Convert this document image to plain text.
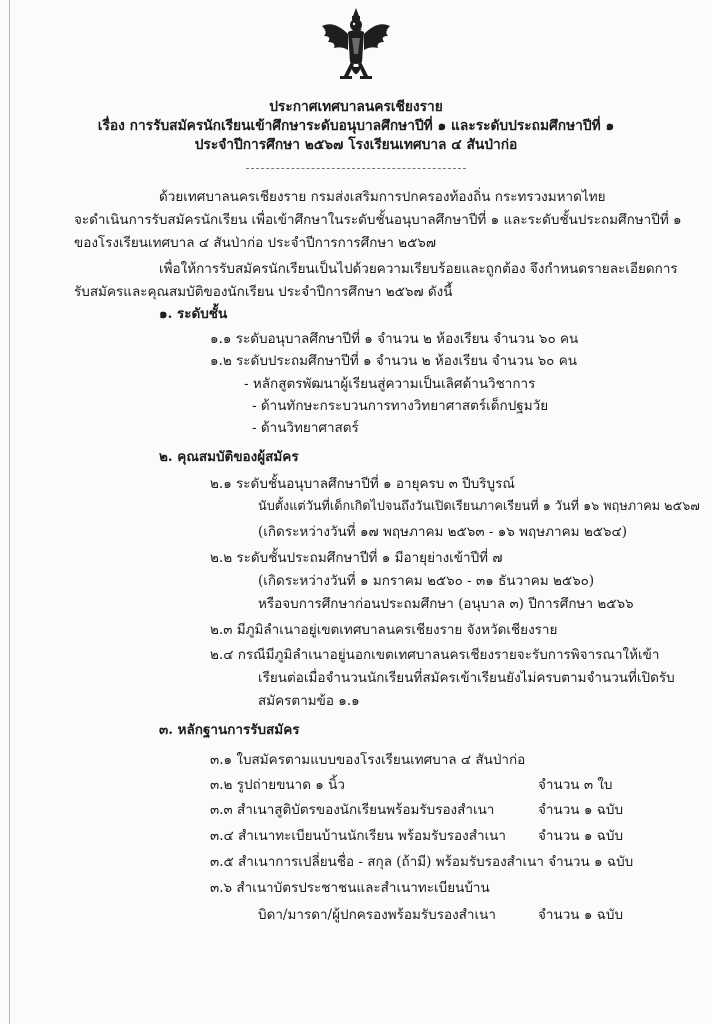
ประกาศเทศบาลนครเชียงราย
เรื่อง การรับสมัครนักเรียนเข้าศึกษาระดับอนุบาลศึกษาปีที่ ๑ และระดับประถมศึกษาปีที่ ๑
ประจำปีการศึกษา ๒๕๖๗ โรงเรียนเทศบาล ๔ สันป่าก่อ
ด้วยเทศบาลนครเชียงราย กรมส่งเสริมการปกครองท้องถิ่น กระทรวงมหาดไทย
จะดำเนินการรับสมัครนักเรียน เพื่อเข้าศึกษาในระดับชั้นอนุบาลศึกษาปีที่ ๑ และระดับชั้นประถมศึกษาปีที่ ๑
ของโรงเรียนเทศบาล ๔ สันป่าก่อ ประจำปีการการศึกษา ๒๕๖๗
เพื่อให้การรับสมัครนักเรียนเป็นไปด้วยความเรียบร้อยและถูกต้อง จึงกำหนดรายละเอียดการ
รับสมัครและคุณสมบัติของนักเรียน ประจำปีการศึกษา ๒๕๖๗ ดังนี้
๑. ระดับชั้น
๑.๑ ระดับอนุบาลศึกษาปีที่ ๑ จำนวน ๒ ห้องเรียน จำนวน ๖๐ คน
๑.๒ ระดับประถมศึกษาปีที่ ๑ จำนวน ๒ ห้องเรียน จำนวน ๖๐ คน
- หลักสูตรพัฒนาผู้เรียนสู่ความเป็นเลิศด้านวิชาการ
- ด้านทักษะกระบวนการทางวิทยาศาสตร์เด็กปฐมวัย
- ด้านวิทยาศาสตร์
๒. คุณสมบัติของผู้สมัคร
๒.๑ ระดับชั้นอนุบาลศึกษาปีที่ ๑ อายุครบ ๓ ปีบริบูรณ์
นับตั้งแต่วันที่เด็กเกิดไปจนถึงวันเปิดเรียนภาคเรียนที่ ๑ วันที่ ๑๖ พฤษภาคม ๒๕๖๗
(เกิดระหว่างวันที่ ๑๗ พฤษภาคม ๒๕๖๓ - ๑๖ พฤษภาคม ๒๕๖๔)
๒.๒ ระดับชั้นประถมศึกษาปีที่ ๑ มีอายุย่างเข้าปีที่ ๗
(เกิดระหว่างวันที่ ๑ มกราคม ๒๕๖๐ - ๓๑ ธันวาคม ๒๕๖๐)
หรือจบการศึกษาก่อนประถมศึกษา (อนุบาล ๓) ปีการศึกษา ๒๕๖๖
๒.๓ มีภูมิลำเนาอยู่เขตเทศบาลนครเชียงราย จังหวัดเชียงราย
๒.๔ กรณีมีภูมิลำเนาอยู่นอกเขตเทศบาลนครเชียงรายจะรับการพิจารณาให้เข้า
เรียนต่อเมื่อจำนวนนักเรียนที่สมัครเข้าเรียนยังไม่ครบตามจำนวนที่เปิดรับ
สมัครตามข้อ ๑.๑
๓. หลักฐานการรับสมัคร
๓.๑ ใบสมัครตามแบบของโรงเรียนเทศบาล ๔ สันป่าก่อ
๓.๒ รูปถ่ายขนาด ๑ นิ้ว	จำนวน ๓ ใบ
๓.๓ สำเนาสูติบัตรของนักเรียนพร้อมรับรองสำเนา	จำนวน ๑ ฉบับ
๓.๔ สำเนาทะเบียนบ้านนักเรียน พร้อมรับรองสำเนา จำนวน ๑ ฉบับ
๓.๕ สำเนาการเปลี่ยนชื่อ - สกุล (ถ้ามี) พร้อมรับรองสำเนา จำนวน ๑ ฉบับ
๓.๖ สำเนาบัตรประชาชนและสำเนาทะเบียนบ้าน
บิดา/มารดา/ผู้ปกครองพร้อมรับรองสำเนา	จำนวน ๑ ฉบับ
